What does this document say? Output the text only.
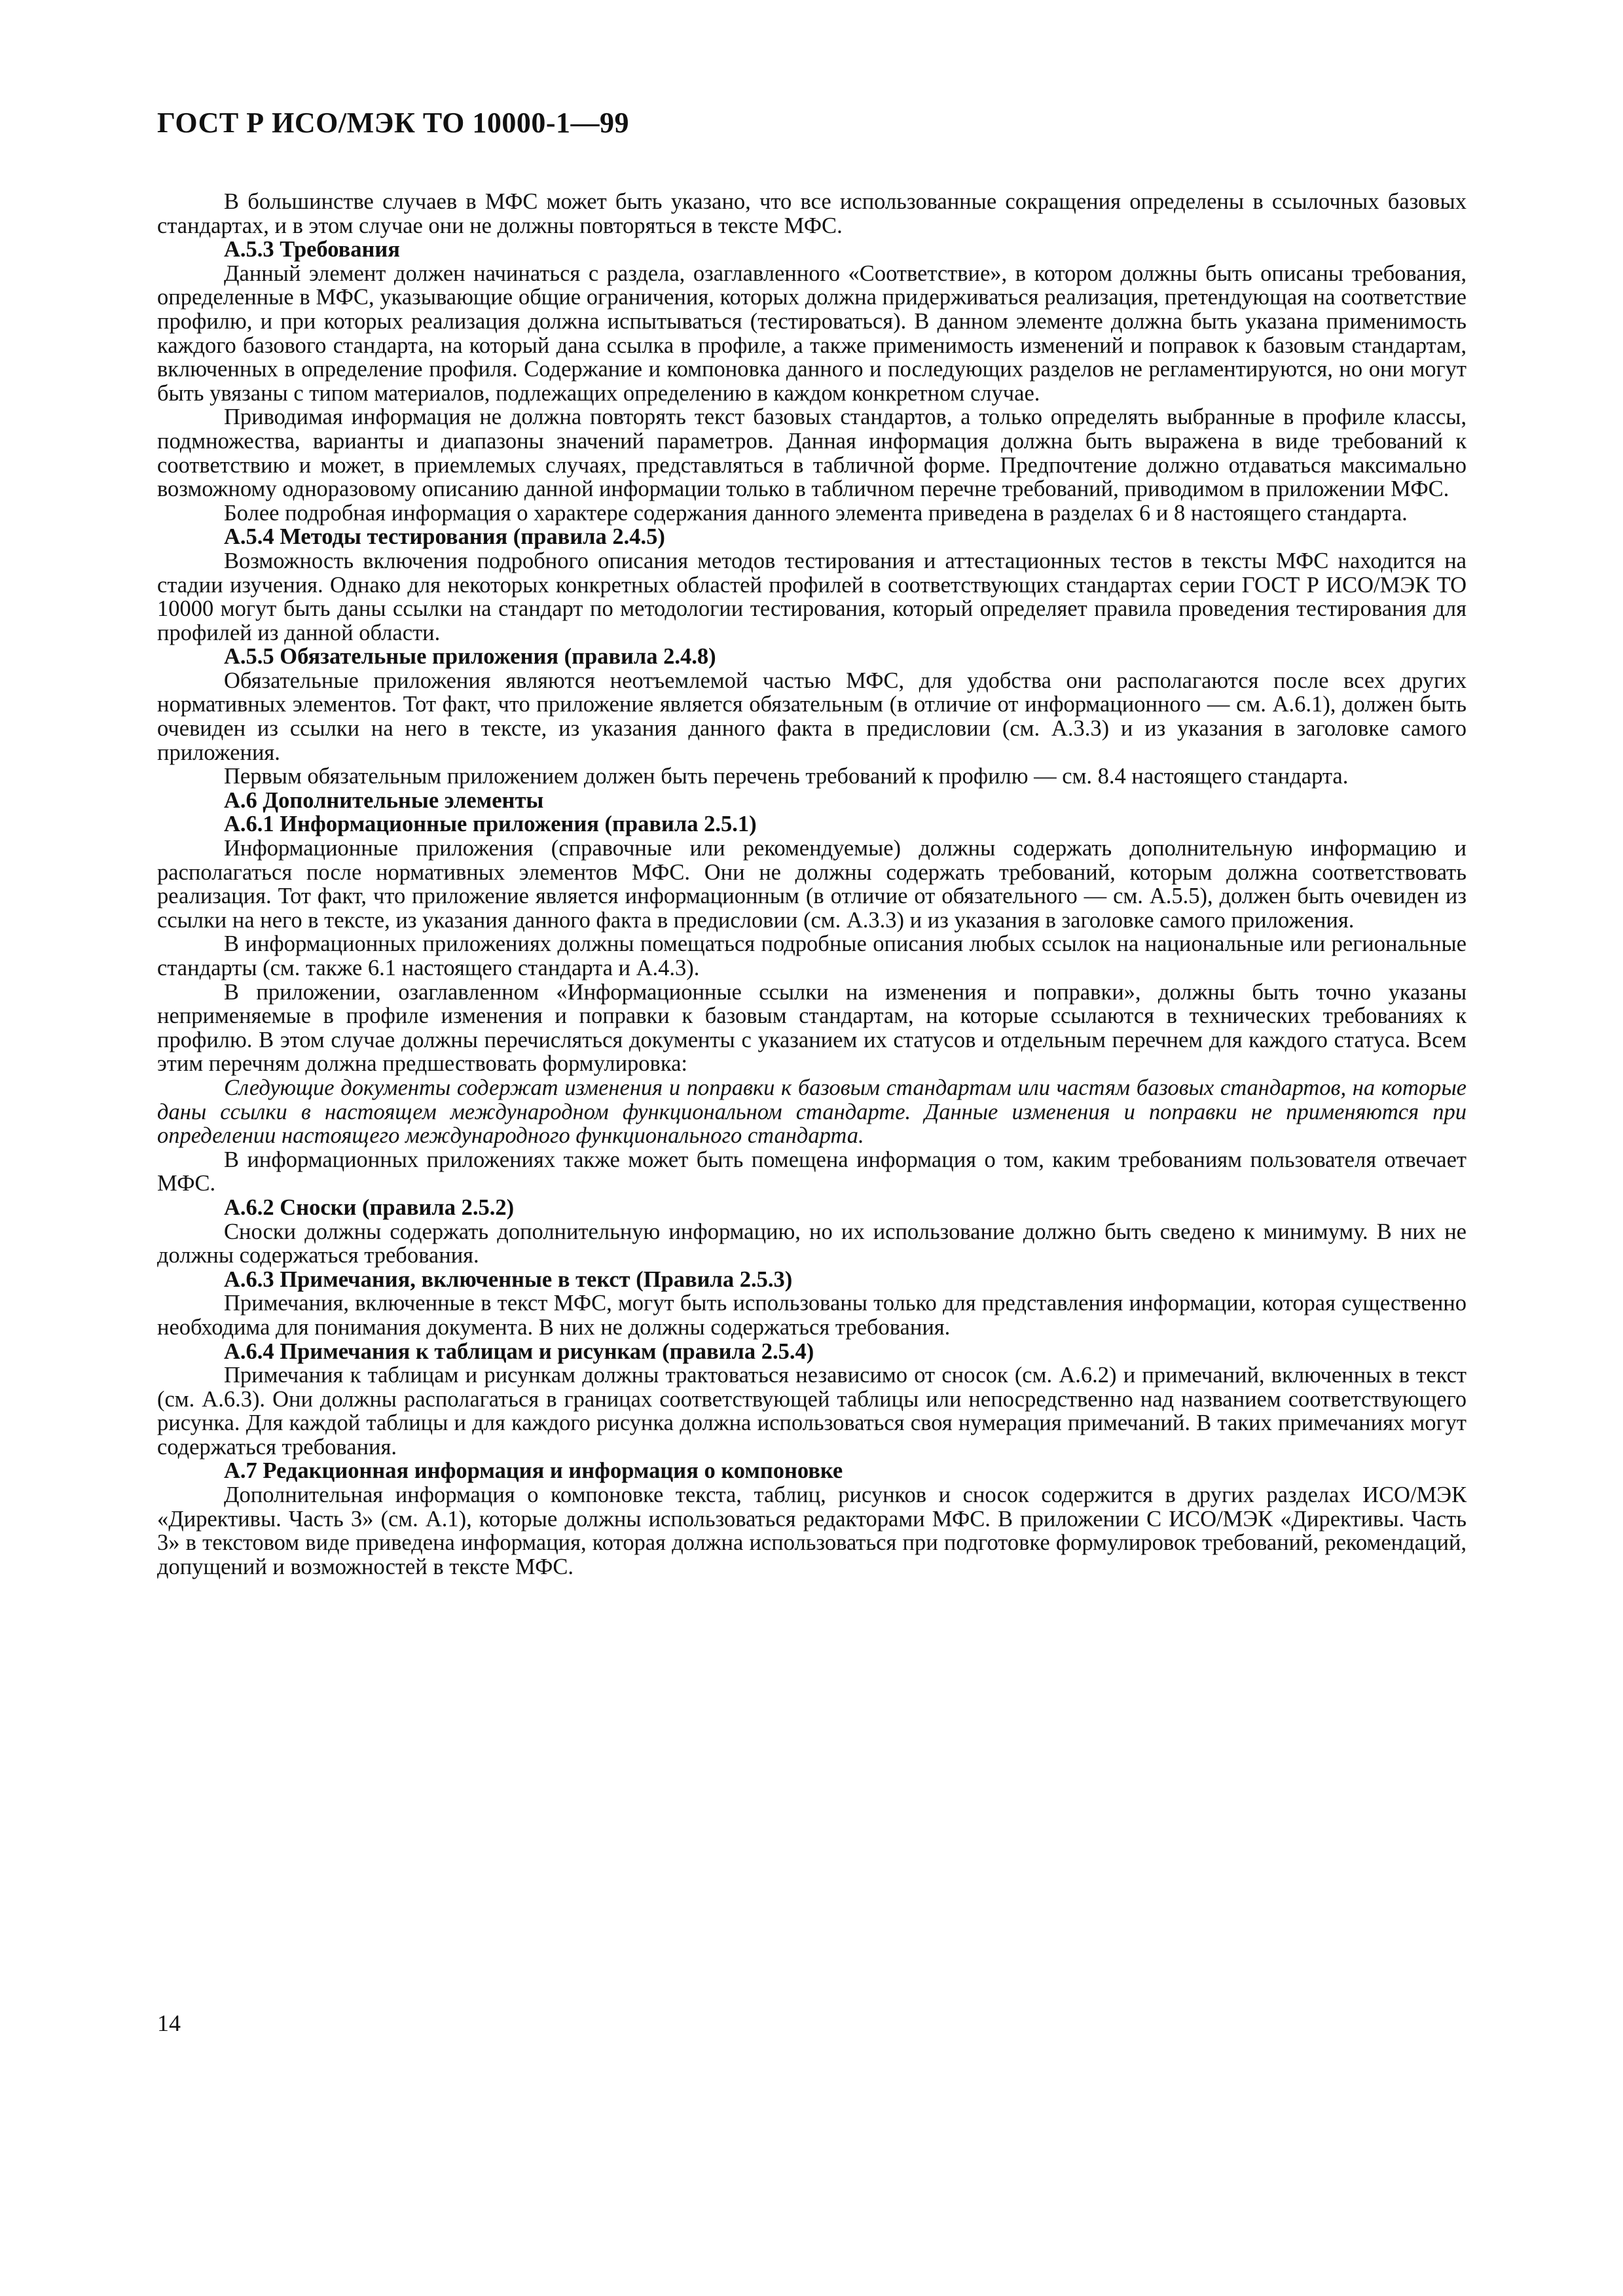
ГОСТ Р ИСО/МЭК ТО 10000-1—99

В большинстве случаев в МФС может быть указано, что все использованные сокращения определены в ссылочных базовых стандартах, и в этом случае они не должны повторяться в тексте МФС.

А.5.3 Требования

Данный элемент должен начинаться с раздела, озаглавленного «Соответствие», в котором должны быть описаны требования, определенные в МФС, указывающие общие ограничения, которых должна придерживаться реализация, претендующая на соответствие профилю, и при которых реализация должна испытываться (тестироваться). В данном элементе должна быть указана применимость каждого базового стандарта, на который дана ссылка в профиле, а также применимость изменений и поправок к базовым стандартам, включенных в определение профиля. Содержание и компоновка данного и последующих разделов не регламентируются, но они могут быть увязаны с типом материалов, подлежащих определению в каждом конкретном случае.

Приводимая информация не должна повторять текст базовых стандартов, а только определять выбранные в профиле классы, подмножества, варианты и диапазоны значений параметров. Данная информация должна быть выражена в виде требований к соответствию и может, в приемлемых случаях, представляться в табличной форме. Предпочтение должно отдаваться максимально возможному одноразовому описанию данной информации только в табличном перечне требований, приводимом в приложении МФС.

Более подробная информация о характере содержания данного элемента приведена в разделах 6 и 8 настоящего стандарта.

А.5.4 Методы тестирования (правила 2.4.5)

Возможность включения подробного описания методов тестирования и аттестационных тестов в тексты МФС находится на стадии изучения. Однако для некоторых конкретных областей профилей в соответствующих стандартах серии ГОСТ Р ИСО/МЭК ТО 10000 могут быть даны ссылки на стандарт по методологии тестирования, который определяет правила проведения тестирования для профилей из данной области.

А.5.5 Обязательные приложения (правила 2.4.8)

Обязательные приложения являются неотъемлемой частью МФС, для удобства они располагаются после всех других нормативных элементов. Тот факт, что приложение является обязательным (в отличие от информационного — см. А.6.1), должен быть очевиден из ссылки на него в тексте, из указания данного факта в предисловии (см. А.3.3) и из указания в заголовке самого приложения.

Первым обязательным приложением должен быть перечень требований к профилю — см. 8.4 настоящего стандарта.

А.6 Дополнительные элементы

А.6.1 Информационные приложения (правила 2.5.1)

Информационные приложения (справочные или рекомендуемые) должны содержать дополнительную информацию и располагаться после нормативных элементов МФС. Они не должны содержать требований, которым должна соответствовать реализация. Тот факт, что приложение является информационным (в отличие от обязательного — см. А.5.5), должен быть очевиден из ссылки на него в тексте, из указания данного факта в предисловии (см. А.3.3) и из указания в заголовке самого приложения.

В информационных приложениях должны помещаться подробные описания любых ссылок на национальные или региональные стандарты (см. также 6.1 настоящего стандарта и А.4.3).

В приложении, озаглавленном «Информационные ссылки на изменения и поправки», должны быть точно указаны неприменяемые в профиле изменения и поправки к базовым стандартам, на которые ссылаются в технических требованиях к профилю. В этом случае должны перечисляться документы с указанием их статусов и отдельным перечнем для каждого статуса. Всем этим перечням должна предшествовать формулировка:

Следующие документы содержат изменения и поправки к базовым стандартам или частям базовых стандартов, на которые даны ссылки в настоящем международном функциональном стандарте. Данные изменения и поправки не применяются при определении настоящего международного функционального стандарта.

В информационных приложениях также может быть помещена информация о том, каким требованиям пользователя отвечает МФС.

А.6.2 Сноски (правила 2.5.2)

Сноски должны содержать дополнительную информацию, но их использование должно быть сведено к минимуму. В них не должны содержаться требования.

А.6.3 Примечания, включенные в текст (Правила 2.5.3)

Примечания, включенные в текст МФС, могут быть использованы только для представления информации, которая существенно необходима для понимания документа. В них не должны содержаться требования.

А.6.4 Примечания к таблицам и рисункам (правила 2.5.4)

Примечания к таблицам и рисункам должны трактоваться независимо от сносок (см. А.6.2) и примечаний, включенных в текст (см. А.6.3). Они должны располагаться в границах соответствующей таблицы или непосредственно над названием соответствующего рисунка. Для каждой таблицы и для каждого рисунка должна использоваться своя нумерация примечаний. В таких примечаниях могут содержаться требования.

А.7 Редакционная информация и информация о компоновке

Дополнительная информация о компоновке текста, таблиц, рисунков и сносок содержится в других разделах ИСО/МЭК «Директивы. Часть 3» (см. А.1), которые должны использоваться редакторами МФС. В приложении С ИСО/МЭК «Директивы. Часть 3» в текстовом виде приведена информация, которая должна использоваться при подготовке формулировок требований, рекомендаций, допущений и возможностей в тексте МФС.

14
